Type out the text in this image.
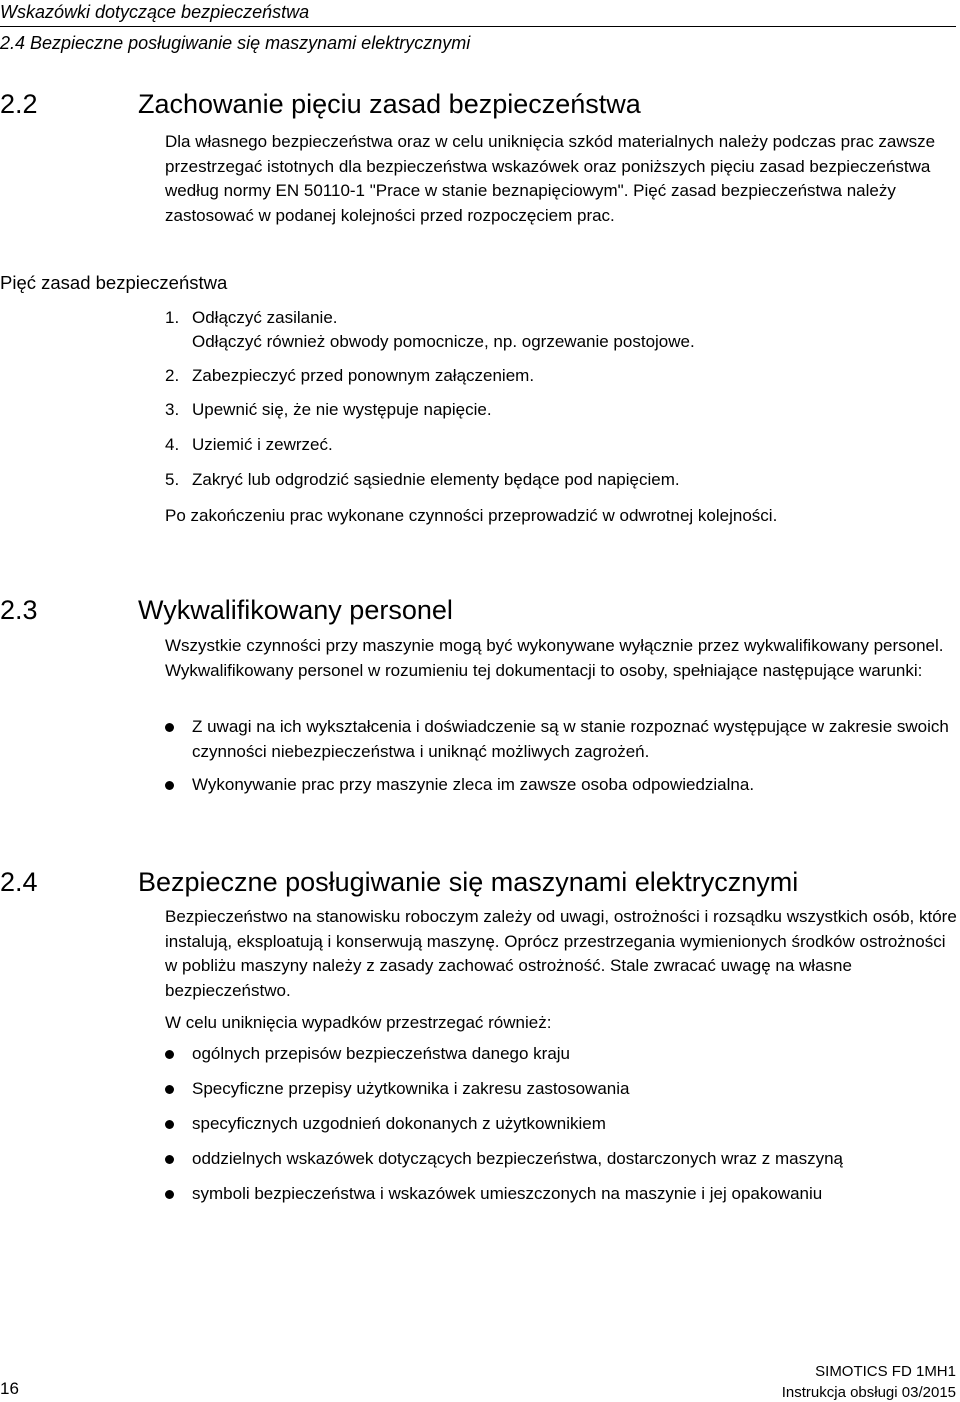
Wskazówki dotyczące bezpieczeństwa
2.4 Bezpieczne posługiwanie się maszynami elektrycznymi
2.2	Zachowanie pięciu zasad bezpieczeństwa

Dla własnego bezpieczeństwa oraz w celu uniknięcia szkód materialnych należy podczas prac zawsze przestrzegać istotnych dla bezpieczeństwa wskazówek oraz poniższych pięciu zasad bezpieczeństwa według normy EN 50110-1 "Prace w stanie beznapięciowym". Pięć zasad bezpieczeństwa należy zastosować w podanej kolejności przed rozpoczęciem prac.

Pięć zasad bezpieczeństwa
1. Odłączyć zasilanie.
Odłączyć również obwody pomocnicze, np. ogrzewanie postojowe.
2. Zabezpieczyć przed ponownym załączeniem.
3. Upewnić się, że nie występuje napięcie.
4. Uziemić i zewrzeć.
5. Zakryć lub odgrodzić sąsiednie elementy będące pod napięciem.
Po zakończeniu prac wykonane czynności przeprowadzić w odwrotnej kolejności.
2.3	Wykwalifikowany personel

Wszystkie czynności przy maszynie mogą być wykonywane wyłącznie przez wykwalifikowany personel. Wykwalifikowany personel w rozumieniu tej dokumentacji to osoby, spełniające następujące warunki:

Z uwagi na ich wykształcenia i doświadczenie są w stanie rozpoznać występujące w zakresie swoich czynności niebezpieczeństwa i uniknąć możliwych zagrożeń.
Wykonywanie prac przy maszynie zleca im zawsze osoba odpowiedzialna.
2.4	Bezpieczne posługiwanie się maszynami elektrycznymi

Bezpieczeństwo na stanowisku roboczym zależy od uwagi, ostrożności i rozsądku wszystkich osób, które instalują, eksploatują i konserwują maszynę. Oprócz przestrzegania wymienionych środków ostrożności w pobliżu maszyny należy z zasady zachować ostrożność. Stale zwracać uwagę na własne bezpieczeństwo.

W celu uniknięcia wypadków przestrzegać również:

ogólnych przepisów bezpieczeństwa danego kraju
Specyficzne przepisy użytkownika i zakresu zastosowania
specyficznych uzgodnień dokonanych z użytkownikiem
oddzielnych wskazówek dotyczących bezpieczeństwa, dostarczonych wraz z maszyną
symboli bezpieczeństwa i wskazówek umieszczonych na maszynie i jej opakowaniu
16
SIMOTICS FD 1MH1
Instrukcja obsługi 03/2015
